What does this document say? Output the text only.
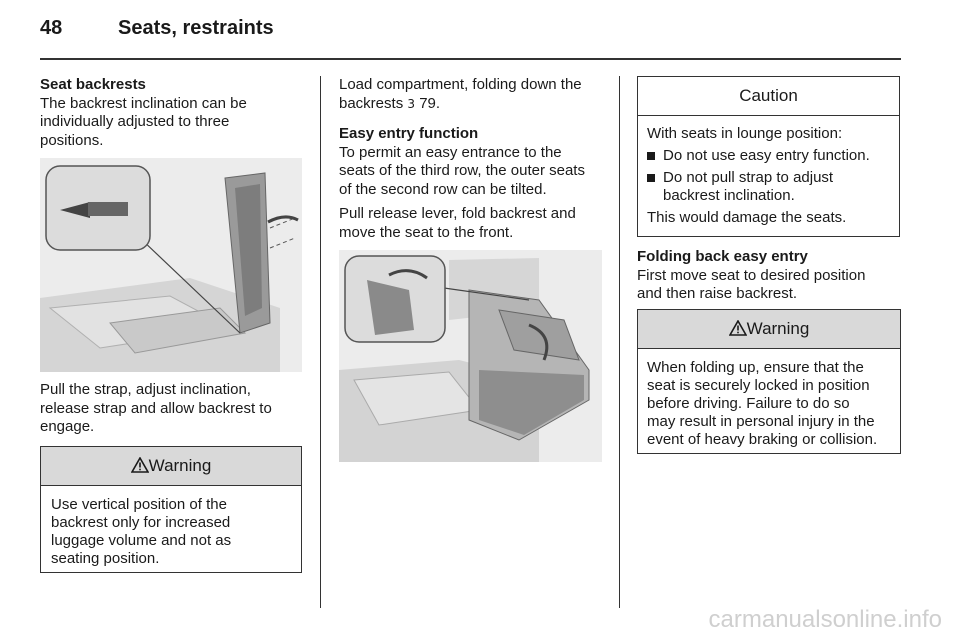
48	Seats, restraints
Seat backrests
The backrest inclination can be
individually adjusted to three
positions.
Pull the strap, adjust inclination,
release strap and allow backrest to
engage.
Warning
Use vertical position of the
backrest only for increased
luggage volume and not as
seating position.
Load compartment, folding down the
backrests 3 79.
Easy entry function
To permit an easy entrance to the
seats of the third row, the outer seats
of the second row can be tilted.
Pull release lever, fold backrest and
move the seat to the front.
Caution
With seats in lounge position:
Do not use easy entry function.
Do not pull strap to adjust backrest inclination.
This would damage the seats.
Folding back easy entry
First move seat to desired position
and then raise backrest.
Warning
When folding up, ensure that the
seat is securely locked in position
before driving. Failure to do so
may result in personal injury in the
event of heavy braking or collision.
carmanualsonline.info
